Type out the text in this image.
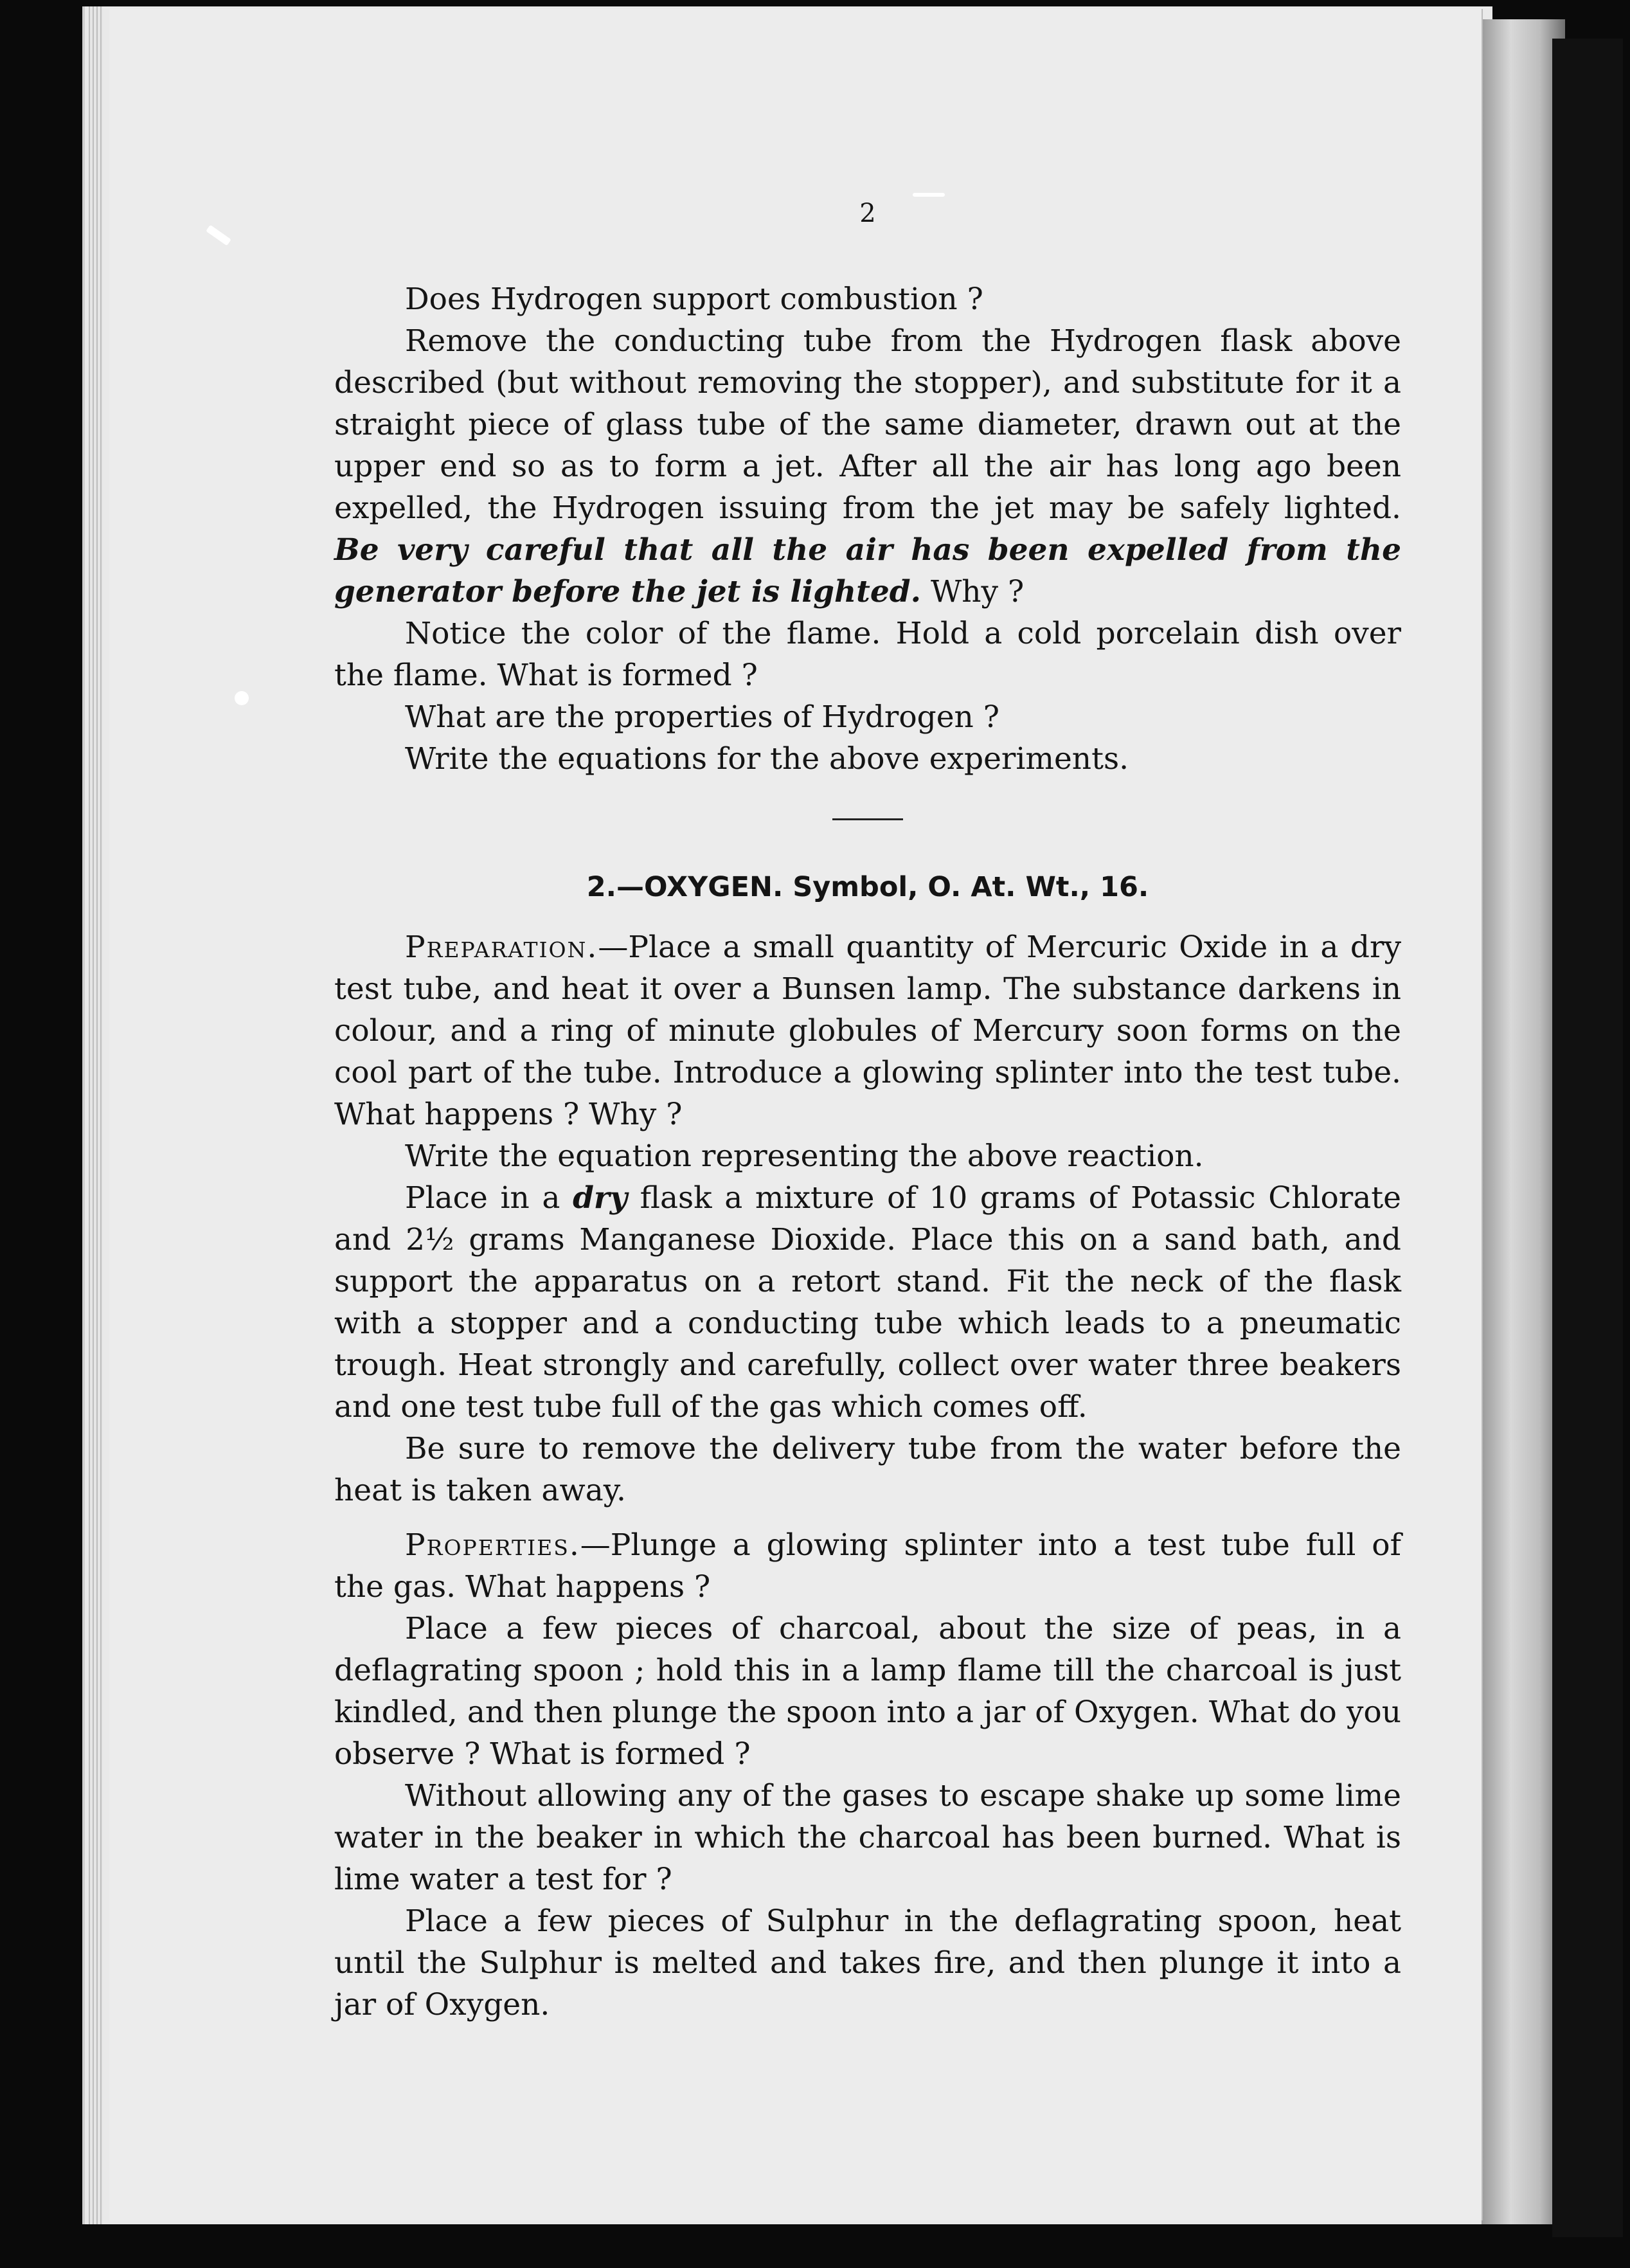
2

Does Hydrogen support combustion ?

Remove the conducting tube from the Hydrogen flask above described (but without removing the stopper), and substitute for it a straight piece of glass tube of the same diameter, drawn out at the upper end so as to form a jet. After all the air has long ago been expelled, the Hydrogen issuing from the jet may be safely lighted. Be very careful that all the air has been expelled from the generator before the jet is lighted. Why ?

Notice the color of the flame. Hold a cold porcelain dish over the flame. What is formed ?

What are the properties of Hydrogen ?

Write the equations for the above experiments.

2.—OXYGEN. Symbol, O. At. Wt., 16.

Preparation.—Place a small quantity of Mercuric Oxide in a dry test tube, and heat it over a Bunsen lamp. The substance darkens in colour, and a ring of minute globules of Mercury soon forms on the cool part of the tube. Introduce a glowing splinter into the test tube. What happens ? Why ?

Write the equation representing the above reaction.

Place in a dry flask a mixture of 10 grams of Potassic Chlorate and 2½ grams Manganese Dioxide. Place this on a sand bath, and support the apparatus on a retort stand. Fit the neck of the flask with a stopper and a conducting tube which leads to a pneumatic trough. Heat strongly and carefully, collect over water three beakers and one test tube full of the gas which comes off.

Be sure to remove the delivery tube from the water before the heat is taken away.

Properties.—Plunge a glowing splinter into a test tube full of the gas. What happens ?

Place a few pieces of charcoal, about the size of peas, in a deflagrating spoon ; hold this in a lamp flame till the charcoal is just kindled, and then plunge the spoon into a jar of Oxygen. What do you observe ? What is formed ?

Without allowing any of the gases to escape shake up some lime water in the beaker in which the charcoal has been burned. What is lime water a test for ?

Place a few pieces of Sulphur in the deflagrating spoon, heat until the Sulphur is melted and takes fire, and then plunge it into a jar of Oxygen.
